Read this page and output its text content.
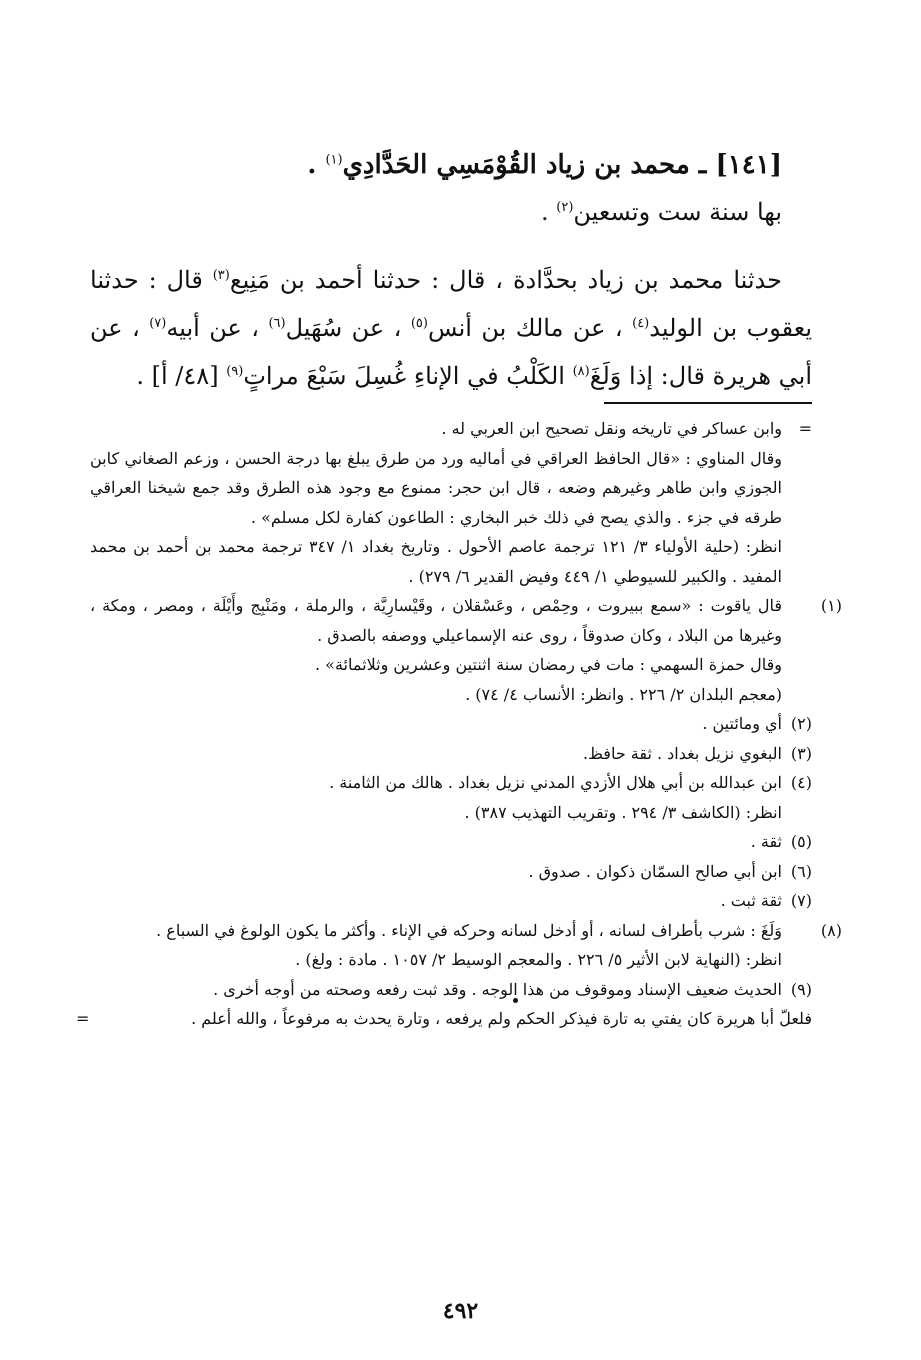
[١٤١] ـ محمد بن زياد القُوْمَسِي الحَدَّادِي$^{(١)}$ .

بها سنة ست وتسعين$^{(٢)}$ .

حدثنا محمد بن زياد بحدَّادة ، قال : حدثنا أحمد بن مَنِيع$^{(٣)}$ قال : حدثنا يعقوب بن الوليد$^{(٤)}$ ، عن مالك بن أنس$^{(٥)}$ ، عن سُهَيل$^{(٦)}$ ، عن أبيه$^{(٧)}$ ، عن أبي هريرة قال: إذا وَلَغَ$^{(٨)}$ الكَلْبُ في الإناءِ غُسِلَ سَبْعَ مراتٍ$^{(٩)}$ [٤٨/ أ] .

=وابن عساكر في تاريخه ونقل تصحيح ابن العربي له .

وقال المناوي : «قال الحافظ العراقي في أماليه ورد من طرق يبلغ بها درجة الحسن ، وزعم الصغاني كابن الجوزي وابن طاهر وغيرهم وضعه ، قال ابن حجر: ممنوع مع وجود هذه الطرق وقد جمع شيخنا العراقي طرقه في جزء . والذي يصح في ذلك خبر البخاري : الطاعون كفارة لكل مسلم» .

انظر: (حلية الأولياء ٣/ ١٢١ ترجمة عاصم الأحول . وتاريخ بغداد ١/ ٣٤٧ ترجمة محمد بن أحمد بن محمد المفيد . والكبير للسيوطي ١/ ٤٤٩ وفيض القدير ٦/ ٢٧٩) .

(١)قال ياقوت : «سمع ببيروت ، وحِمْص ، وعَسْقلان ، وقَيْسارِيَّة ، والرملة ، ومَنْبِج وأَيْلَة ، ومصر ، ومكة ، وغيرها من البلاد ، وكان صدوقاً ، روى عنه الإسماعيلي ووصفه بالصدق .

وقال حمزة السهمي : مات في رمضان سنة اثنتين وعشرين وثلاثمائة» .

(معجم البلدان ٢/ ٢٢٦ . وانظر: الأنساب ٤/ ٧٤) .

(٢)أي ومائتين .

(٣)البغوي نزيل بغداد . ثقة حافظ.

(٤)ابن عبدالله بن أبي هلال الأزدي المدني نزيل بغداد . هالك من الثامنة .

انظر: (الكاشف ٣/ ٢٩٤ . وتقريب التهذيب ٣٨٧) .

(٥)ثقة .

(٦)ابن أبي صالح السمّان ذكوان . صدوق .

(٧)ثقة ثبت .

(٨)وَلَغَ : شرب بأطراف لسانه ، أو أدخل لسانه وحركه في الإناء . وأكثر ما يكون الولوغ في السباع .

انظر: (النهاية لابن الأثير ٥/ ٢٢٦ . والمعجم الوسيط ٢/ ١٠٥٧ . مادة : ولغ) .

(٩)الحديث ضعيف الإسناد وموقوف من هذا الوجه . وقد ثبت رفعه وصحته من أوجه أخرى .

فلعلّ أبا هريرة كان يفتي به تارة فيذكر الحكم ولم يرفعه ، وتارة يحدث به مرفوعاً ، والله أعلم .
=

٤٩٢
